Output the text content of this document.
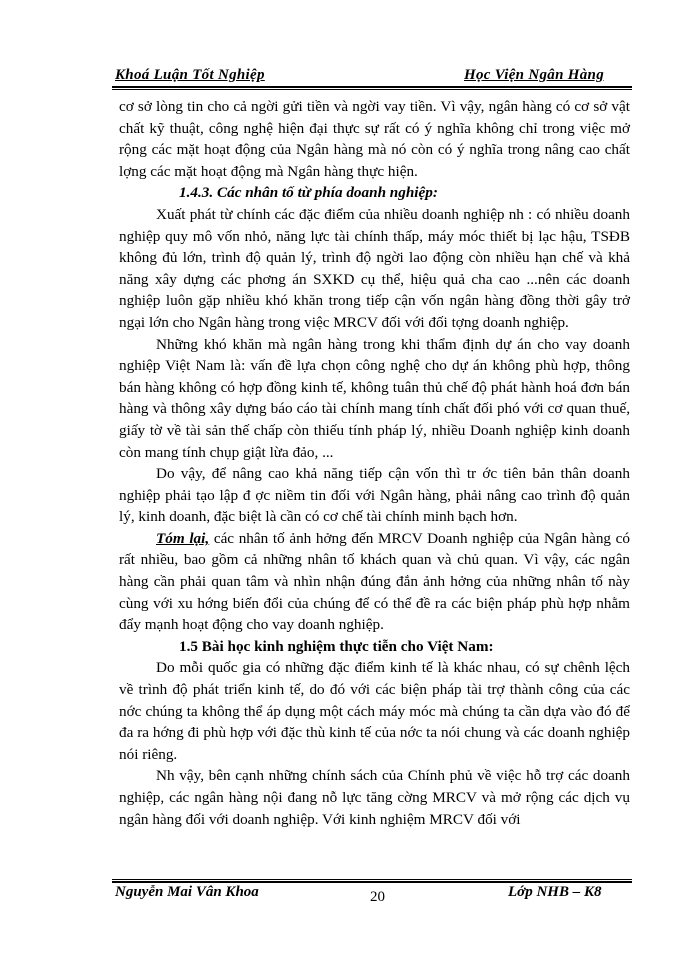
Khoá Luận Tốt Nghiệp	Học Viện Ngân Hàng

cơ sở lòng tin cho cả ngời gửi tiền và ngời vay tiền. Vì vậy, ngân hàng có cơ sở vật chất kỹ thuật, công nghệ hiện đại thực sự rất có ý nghĩa không chỉ trong việc mở rộng các mặt hoạt động của Ngân hàng mà nó còn có ý nghĩa trong nâng cao chất lợng các mặt hoạt động mà Ngân hàng thực hiện.

1.4.3. Các nhân tố từ phía doanh nghiệp:

Xuất phát từ chính các đặc điểm của nhiều doanh nghiệp nh : có nhiều doanh nghiệp quy mô vốn nhỏ, năng lực tài chính thấp, máy móc thiết bị lạc hậu, TSĐB không đủ lớn, trình độ quản lý, trình độ ngời lao động còn nhiều hạn chế và khả năng xây dựng các phơng án SXKD cụ thể, hiệu quả cha cao ...nên các doanh nghiệp luôn gặp nhiều khó khăn trong tiếp cận vốn ngân hàng đồng thời gây trở ngại lớn cho Ngân hàng trong việc MRCV đối với đối tợng doanh nghiệp.

Những khó khăn mà ngân hàng trong khi thẩm định dự án cho vay doanh nghiệp Việt Nam là: vấn đề lựa chọn công nghệ cho dự án không phù hợp, thông bán hàng không có hợp đồng kinh tế, không tuân thủ chế độ phát hành hoá đơn bán hàng và thông xây dựng báo cáo tài chính mang tính chất đối phó với cơ quan thuế, giấy tờ về tài sản thế chấp còn thiếu tính pháp lý, nhiều Doanh nghiệp kinh doanh còn mang tính chụp giật lừa đảo, ...

Do vậy, để nâng cao khả năng tiếp cận vốn thì tr ớc tiên bản thân doanh nghiệp phải tạo lập đ ợc niềm tin đối với Ngân hàng, phải nâng cao trình độ quản lý, kinh doanh, đặc biệt là cần có cơ chế tài chính minh bạch hơn.

Tóm lại, các nhân tố ảnh hởng đến MRCV Doanh nghiệp của Ngân hàng có rất nhiều, bao gồm cả những nhân tố khách quan và chủ quan. Vì vậy, các ngân hàng cần phải quan tâm và nhìn nhận đúng đắn ảnh hởng của những nhân tố này cùng với xu hớng biến đổi của chúng để có thể đề ra các biện pháp phù hợp nhằm đẩy mạnh hoạt động cho vay doanh nghiệp.

1.5 Bài học kinh nghiệm thực tiễn cho Việt Nam:

Do mỗi quốc gia có những đặc điểm kinh tế là khác nhau, có sự chênh lệch về trình độ phát triển kinh tế, do đó với các biện pháp tài trợ thành công của các nớc chúng ta không thể áp dụng một cách máy móc mà chúng ta cần dựa vào đó để đa ra hớng đi phù hợp với đặc thù kinh tế của nớc ta nói chung và các doanh nghiệp nói riêng.

Nh vậy, bên cạnh những chính sách của Chính phủ về việc hỗ trợ các doanh nghiệp, các ngân hàng nội đang nỗ lực tăng cờng MRCV và mở rộng các dịch vụ ngân hàng đối với doanh nghiệp. Với kinh nghiệm MRCV đối với

Nguyễn Mai Vân Khoa	20	Lớp NHB – K8
